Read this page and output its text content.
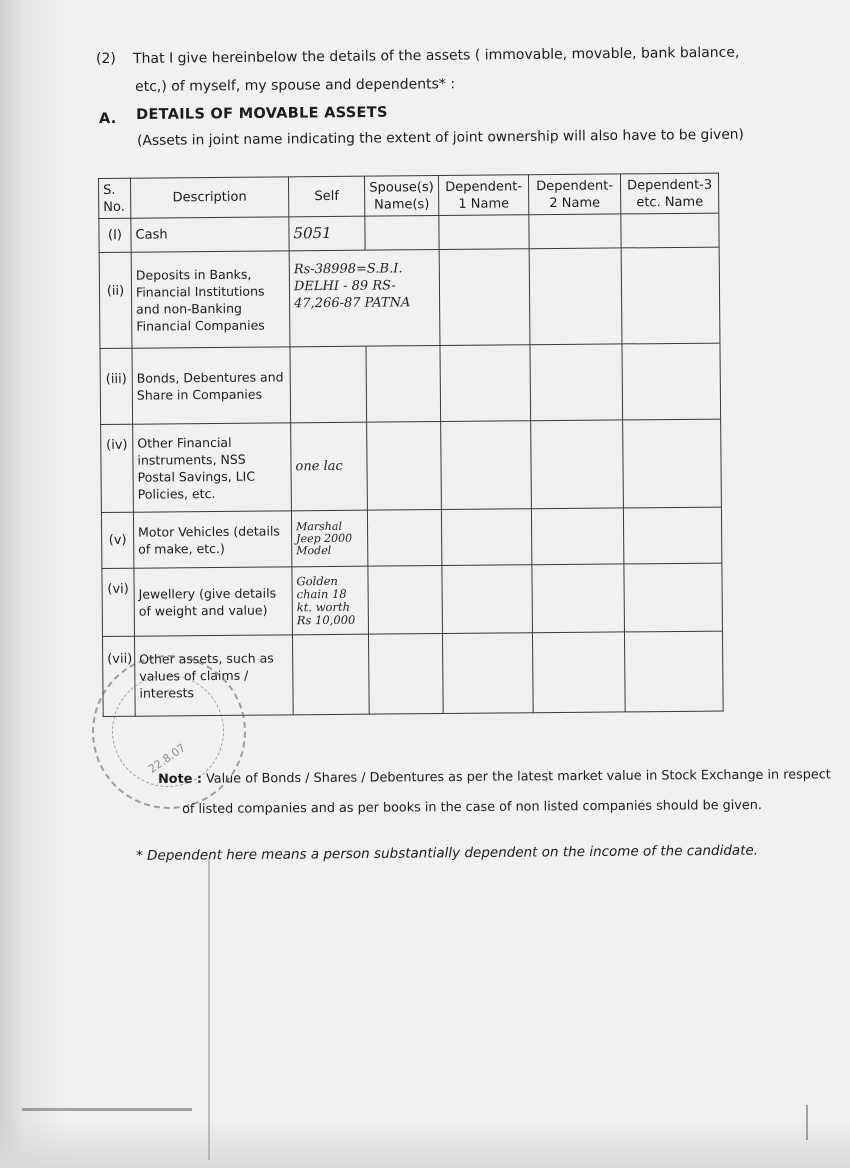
(2) That I give hereinbelow the details of the assets ( immovable, movable, bank balance,
etc,) of myself, my spouse and dependents* :
A. DETAILS OF MOVABLE ASSETS
(Assets in joint name indicating the extent of joint ownership will also have to be given)
S. No.	Description	Self	Spouse(s) Name(s)	Dependent-1 Name	Dependent-2 Name	Dependent-3 etc. Name
(I)	Cash	5051				
(ii)	Deposits in Banks, Financial Institutions and non-Banking Financial Companies	Rs-38998=S.B.I. DELHI - 89 RS-47,266-87 PATNA				
(iii)	Bonds, Debentures and Share in Companies					
(iv)	Other Financial instruments, NSS Postal Savings, LIC Policies, etc.	one lac				
(v)	Motor Vehicles (details of make, etc.)	Marshal Jeep 2000 Model				
(vi)	Jewellery (give details of weight and value)	Golden chain 18 kt. worth Rs 10,000				
(vii)	Other assets, such as values of claims / interests					
22.8.07
Note : Value of Bonds / Shares / Debentures as per the latest market value in Stock Exchange in respect
of listed companies and as per books in the case of non listed companies should be given.
* Dependent here means a person substantially dependent on the income of the candidate.
